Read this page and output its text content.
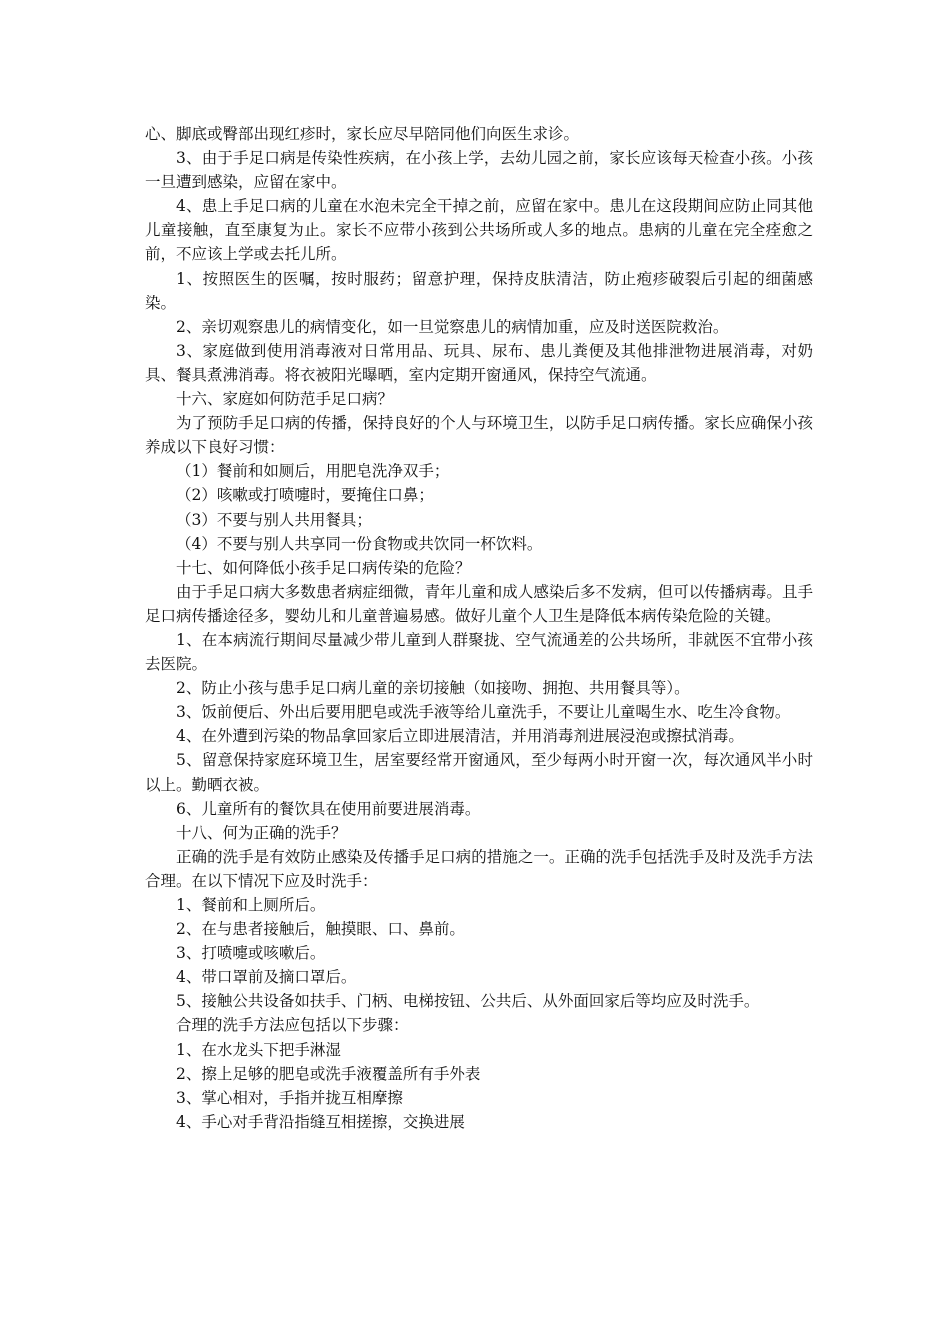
心、脚底或臀部出现红疹时，家长应尽早陪同他们向医生求诊。

3、由于手足口病是传染性疾病，在小孩上学，去幼儿园之前，家长应该每天检查小孩。小孩一旦遭到感染，应留在家中。

4、患上手足口病的儿童在水泡未完全干掉之前，应留在家中。患儿在这段期间应防止同其他儿童接触，直至康复为止。家长不应带小孩到公共场所或人多的地点。患病的儿童在完全痊愈之前，不应该上学或去托儿所。

1、按照医生的医嘱，按时服药；留意护理，保持皮肤清洁，防止疱疹破裂后引起的细菌感染。

2、亲切观察患儿的病情变化，如一旦觉察患儿的病情加重，应及时送医院救治。

3、家庭做到使用消毒液对日常用品、玩具、尿布、患儿粪便及其他排泄物进展消毒，对奶具、餐具煮沸消毒。将衣被阳光曝晒，室内定期开窗通风，保持空气流通。

十六、家庭如何防范手足口病？

为了预防手足口病的传播，保持良好的个人与环境卫生，以防手足口病传播。家长应确保小孩养成以下良好习惯：

（1）餐前和如厕后，用肥皂洗净双手；

（2）咳嗽或打喷嚏时，要掩住口鼻；

（3）不要与别人共用餐具；

（4）不要与别人共享同一份食物或共饮同一杯饮料。

十七、如何降低小孩手足口病传染的危险？

由于手足口病大多数患者病症细微，青年儿童和成人感染后多不发病，但可以传播病毒。且手足口病传播途径多，婴幼儿和儿童普遍易感。做好儿童个人卫生是降低本病传染危险的关键。

1、在本病流行期间尽量减少带儿童到人群聚拢、空气流通差的公共场所，非就医不宜带小孩去医院。

2、防止小孩与患手足口病儿童的亲切接触（如接吻、拥抱、共用餐具等）。

3、饭前便后、外出后要用肥皂或洗手液等给儿童洗手，不要让儿童喝生水、吃生冷食物。

4、在外遭到污染的物品拿回家后立即进展清洁，并用消毒剂进展浸泡或擦拭消毒。

5、留意保持家庭环境卫生，居室要经常开窗通风，至少每两小时开窗一次，每次通风半小时以上。勤晒衣被。

6、儿童所有的餐饮具在使用前要进展消毒。

十八、何为正确的洗手？

正确的洗手是有效防止感染及传播手足口病的措施之一。正确的洗手包括洗手及时及洗手方法合理。在以下情况下应及时洗手：

1、餐前和上厕所后。

2、在与患者接触后，触摸眼、口、鼻前。

3、打喷嚏或咳嗽后。

4、带口罩前及摘口罩后。

5、接触公共设备如扶手、门柄、电梯按钮、公共后、从外面回家后等均应及时洗手。

合理的洗手方法应包括以下步骤：

1、在水龙头下把手淋湿

2、擦上足够的肥皂或洗手液覆盖所有手外表

3、掌心相对，手指并拢互相摩擦

4、手心对手背沿指缝互相搓擦，交换进展
